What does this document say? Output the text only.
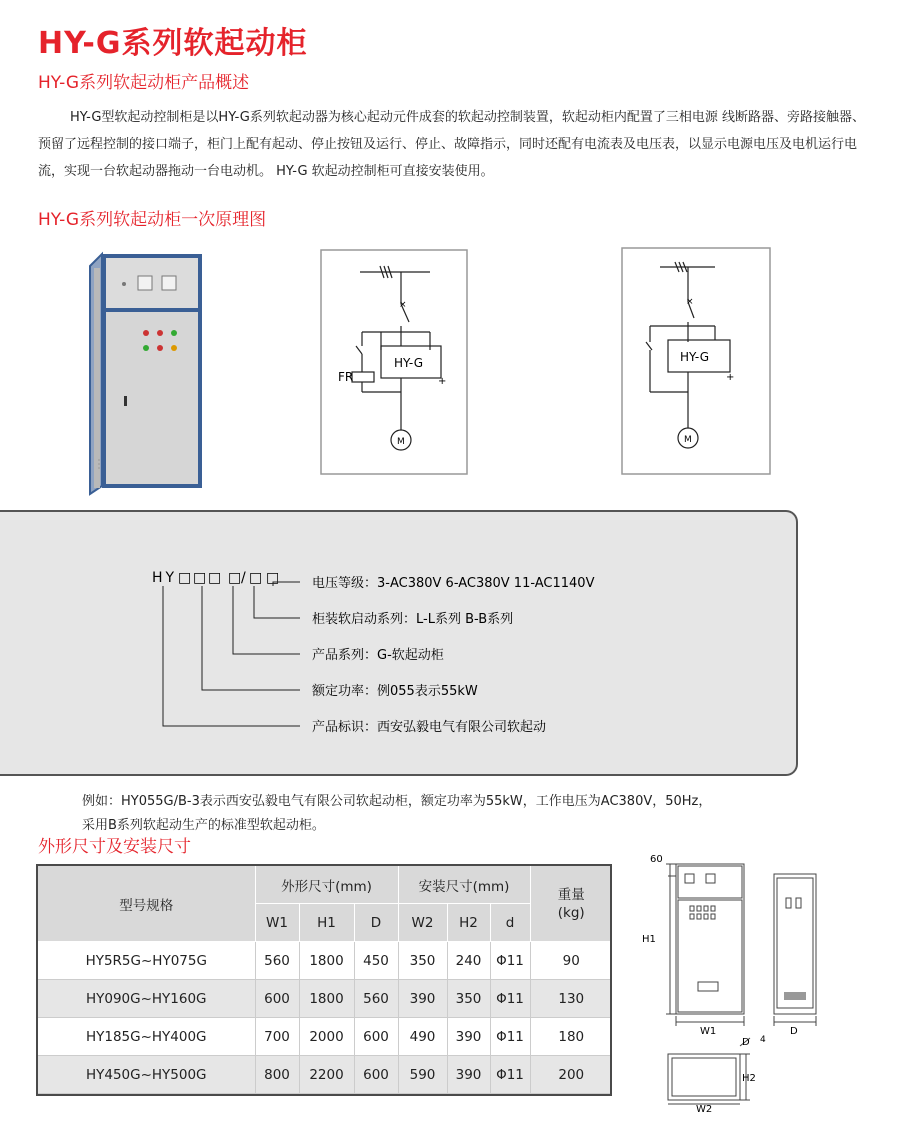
HY-G系列软起动柜
HY-G系列软起动柜产品概述
HY-G型软起动控制柜是以HY-G系列软起动器为核心起动元件成套的软起动控制装置，软起动柜内配置了三相电源 线断路器、旁路接触器、预留了远程控制的接口端子，柜门上配有起动、停止按钮及运行、停止、故障指示，同时还配有电流表及电压表，以显示电源电压及电机运行电流，实现一台软起动器拖动一台电动机。 HY-G 软起动控制柜可直接安装使用。
HY-G系列软起动柜一次原理图
×
HY-G
FR	+
M
×
HY-G
+
M
HY □ □ □ □ / □ □	电压等级：3-AC380V 6-AC380V 11-AC1140V
柜装软启动系列：L-L系列 B-B系列
产品系列：G-软起动柜
额定功率：例055表示55kW
产品标识：西安弘毅电气有限公司软起动
例如：HY055G/B-3表示西安弘毅电气有限公司软起动柜，额定功率为55kW，工作电压为AC380V，50Hz，
采用B系列软起动生产的标准型软起动柜。
外形尺寸及安装尺寸
型号规格	外形尺寸(mm)			安装尺寸(mm)			重量
(kg)
	W1	H1	D	W2	H2	d	
HY5R5G~HY075G	560	1800	450	350	240	Φ11	90
HY090G~HY160G	600	1800	560	390	350	Φ11	130
HY185G~HY400G	700	2000	600	490	390	Φ11	180
HY450G~HY500G	800	2200	600	590	390	Φ11	200
60
H1
W1	D
D 4
H2
W2
